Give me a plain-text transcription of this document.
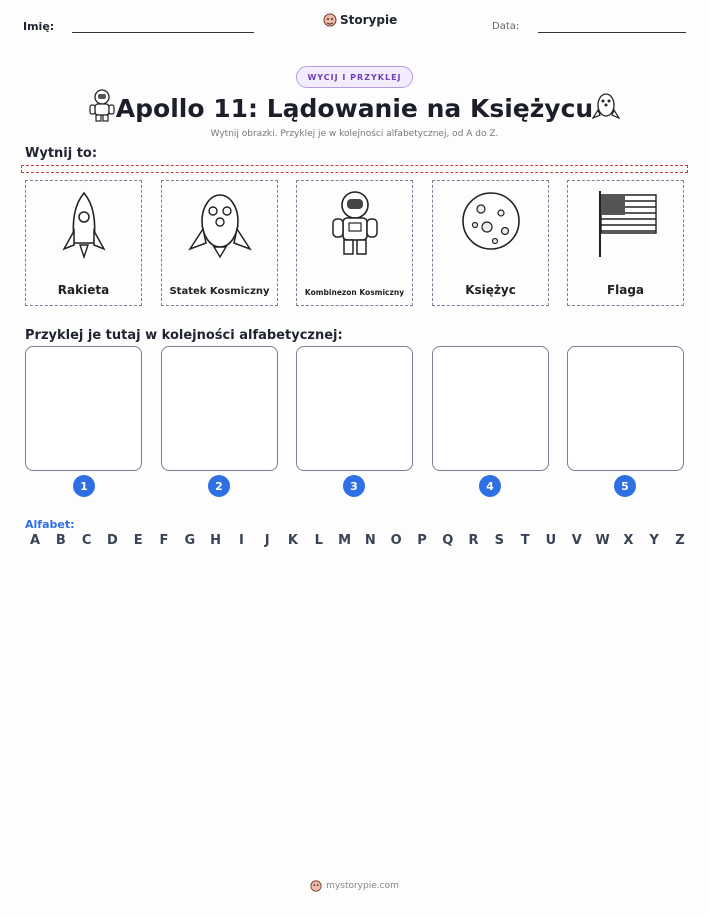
Imię:	Storypie	Data:
WYCIJ I PRZYKLEJ
Apollo 11: Lądowanie na Księżycu
Wytnij obrazki. Przyklej je w kolejności alfabetycznej, od A do Z.
Wytnij to:
Rakieta	Statek Kosmiczny	Kombinezon Kosmiczny	Księżyc	Flaga
Przyklej je tutaj w kolejności alfabetycznej:
1	2	3	4	5
Alfabet:
A	B	C	D	E	F	G H	I	J	K	L	M N O	P	Q	R	S	T	U	V	W	X	Y	Z
mystorypie.com
